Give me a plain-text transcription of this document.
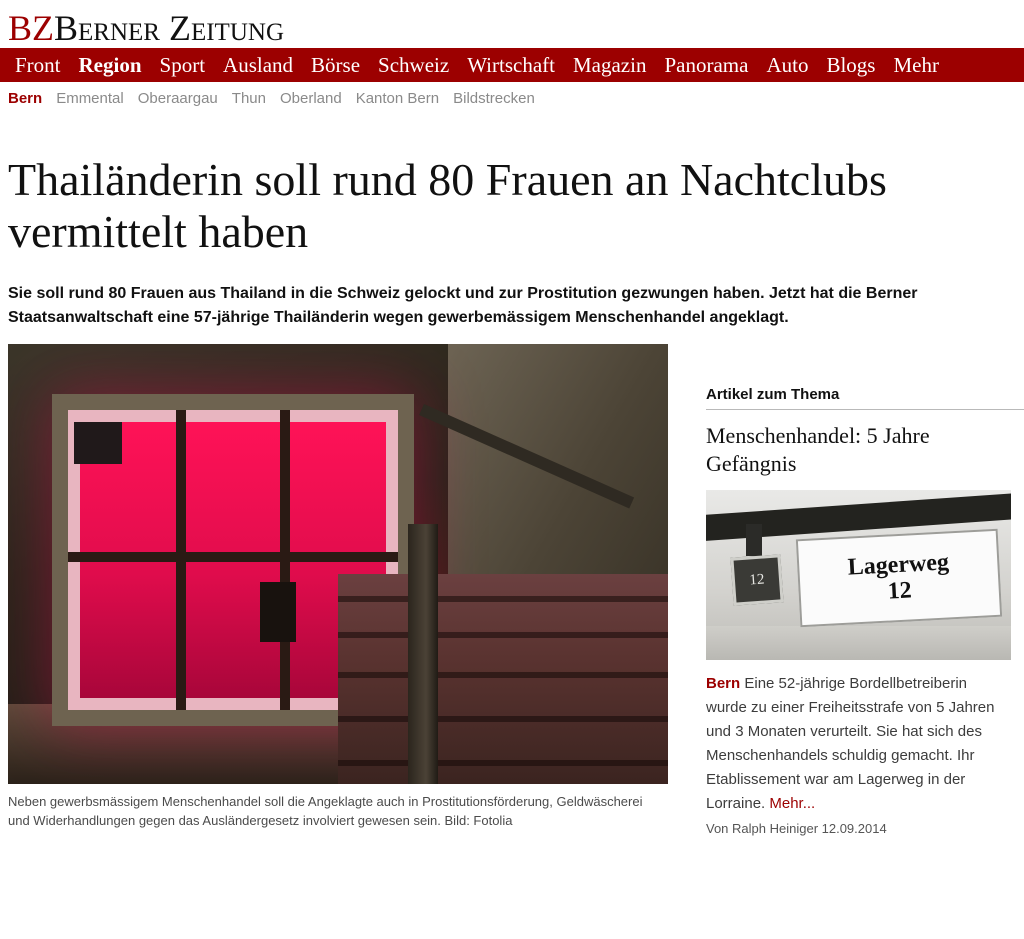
BZBerner Zeitung
Front Region Sport Ausland Börse Schweiz Wirtschaft Magazin Panorama Auto Blogs Mehr
Bern Emmental Oberaargau Thun Oberland Kanton Bern Bildstrecken
Thailänderin soll rund 80 Frauen an Nachtclubs vermittelt haben

Sie soll rund 80 Frauen aus Thailand in die Schweiz gelockt und zur Prostitution gezwungen haben. Jetzt hat die Berner Staatsanwaltschaft eine 57-jährige Thailänderin wegen gewerbemässigem Menschenhandel angeklagt.

Neben gewerbsmässigem Menschenhandel soll die Angeklagte auch in Prostitutionsförderung, Geldwäscherei und Widerhandlungen gegen das Ausländergesetz involviert gewesen sein. Bild: Fotolia
Artikel zum Thema
Menschenhandel: 5 Jahre Gefängnis
12	Lagerweg
12
Bern Eine 52-jährige Bordellbetreiberin wurde zu einer Freiheitsstrafe von 5 Jahren und 3 Monaten verurteilt. Sie hat sich des Menschenhandels schuldig gemacht. Ihr Etablissement war am Lagerweg in der Lorraine. Mehr...
Von Ralph Heiniger 12.09.2014
